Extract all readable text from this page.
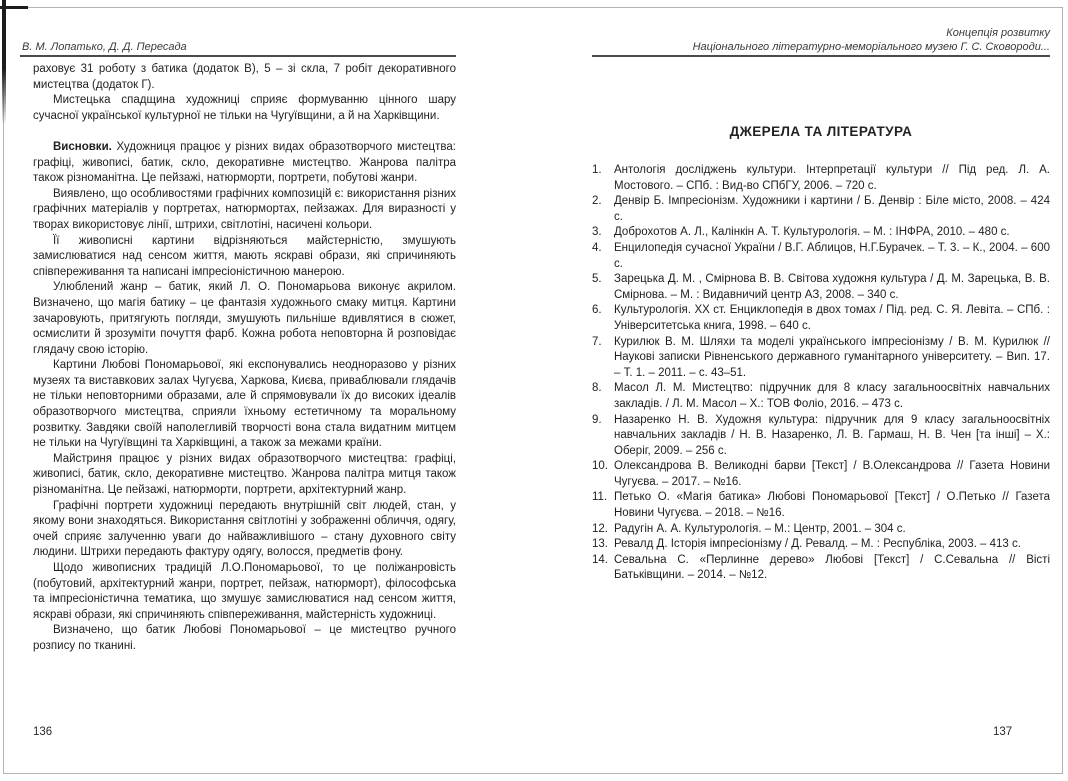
В. М. Лопатько, Д. Д. Пересада

раховує 31 роботу з батика (додаток В), 5 – зі скла, 7 робіт декоративного мистецтва (додаток Г).

Мистецька спадщина художниці сприяє формуванню цінного шару сучасної української культурної не тільки на Чугуївщини, а й на Харківщини.

Висновки. Художниця працює у різних видах образотворчого мистецтва: графіці, живописі, батик, скло, декоративне мистецтво. Жанрова палітра також різноманітна. Це пейзажі, натюрморти, портрети, побутові жанри.

Виявлено, що особливостями графічних композицій є: використання різних графічних матеріалів у портретах, натюрмортах, пейзажах. Для виразності у творах використовує лінії, штрихи, світлотіні, насичені кольори.

Її живописні картини відрізняються майстерністю, змушують замислюватися над сенсом життя, мають яскраві образи, які спричиняють співпереживання та написані імпресіоністичною манерою.

Улюблений жанр – батик, який Л. О. Пономарьова виконує акрилом. Визначено, що магія батику – це фантазія художнього смаку митця. Картини зачаровують, притягують погляди, змушують пильніше вдивлятися в сюжет, осмислити й зрозуміти почуття фарб. Кожна робота неповторна й розповідає глядачу свою історію.

Картини Любові Пономарьової, які експонувались неодноразово у різних музеях та виставкових залах Чугуєва, Харкова, Києва, приваблювали глядачів не тільки неповторними образами, але й спрямовували їх до високих ідеалів образотворчого мистецтва, сприяли їхньому естетичному та моральному розвитку. Завдяки своїй наполегливій творчості вона стала видатним митцем не тільки на Чугуївщині та Харківщині, а також за межами країни.

Майстриня працює у різних видах образотворчого мистецтва: графіці, живописі, батик, скло, декоративне мистецтво. Жанрова палітра митця також різноманітна. Це пейзажі, натюрморти, портрети, архітектурний жанр.

Графічні портрети художниці передають внутрішній світ людей, стан, у якому вони знаходяться. Використання світлотіні у зображенні обличчя, одягу, очей сприяє залученню уваги до найважливішого – стану духовного світу людини. Штрихи передають фактуру одягу, волосся, предметів фону.

Щодо живописних традицій Л.О.Пономарьової, то це поліжанровість (побутовий, архітектурний жанри, портрет, пейзаж, натюрморт), філософська та імпресіоністична тематика, що змушує замислюватися над сенсом життя, яскраві образи, які спричиняють співпереживання, майстерність художниці.

Визначено, що батик Любові Пономарьової – це мистецтво ручного розпису по тканині.

136
Концепція розвитку
Національного літературно-меморіального музею Г. С. Сковороди...
ДЖЕРЕЛА ТА ЛІТЕРАТУРА
1. Антологія досліджень культури. Інтерпретації культури // Під ред. Л. А. Мостового. – СПб. : Вид-во СПбГУ, 2006. – 720 с.
2. Денвір Б. Імпресіонізм. Художники і картини / Б. Денвір : Біле місто, 2008. – 424 с.
3. Доброхотов А. Л., Калінкін А. Т. Культурологія. – М. : ІНФРА, 2010. – 480 с.
4. Енцилопедія сучасної України / В.Г. Аблицов, Н.Г.Бурачек. – Т. 3. – К., 2004. – 600 с.
5. Зарецька Д. М. , Смірнова В. В. Світова художня культура / Д. М. Зарецька, В. В. Смірнова. – М. : Видавничий центр АЗ, 2008. – 340 с.
6. Культурологія. ХХ ст. Енциклопедія в двох томах / Під. ред. С. Я. Левіта. – СПб. : Університетська книга, 1998. – 640 с.
7. Курилюк В. М. Шляхи та моделі українського імпресіонізму / В. М. Курилюк // Наукові записки Рівненського державного гуманітарного університету. – Вип. 17. – Т. 1. – 2011. – с. 43–51.
8. Масол Л. М. Мистецтво: підручник для 8 класу загальноосвітніх навчальних закладів. / Л. М. Масол – Х.: ТОВ Фоліо, 2016. – 473 с.
9. Назаренко Н. В. Художня культура: підручник для 9 класу загальноосвітніх навчальних закладів / Н. В. Назаренко, Л. В. Гармаш, Н. В. Чен [та інші] – Х.: Оберіг, 2009. – 256 с.
10. Олександрова В. Великодні барви [Текст] / В.Олександрова // Газета Новини Чугуєва. – 2017. – №16.
11. Петько О. «Магія батика» Любові Пономарьової [Текст] / О.Петько // Газета Новини Чугуєва. – 2018. – №16.
12. Радугін А. А. Культурологія. – М.: Центр, 2001. – 304 с.
13. Ревалд Д. Історія імпресіонізму / Д. Ревалд. – М. : Республіка, 2003. – 413 с.
14. Севальна С. «Перлинне дерево» Любові [Текст] / С.Севальна // Вісті Батьківщини. – 2014. – №12.
137
